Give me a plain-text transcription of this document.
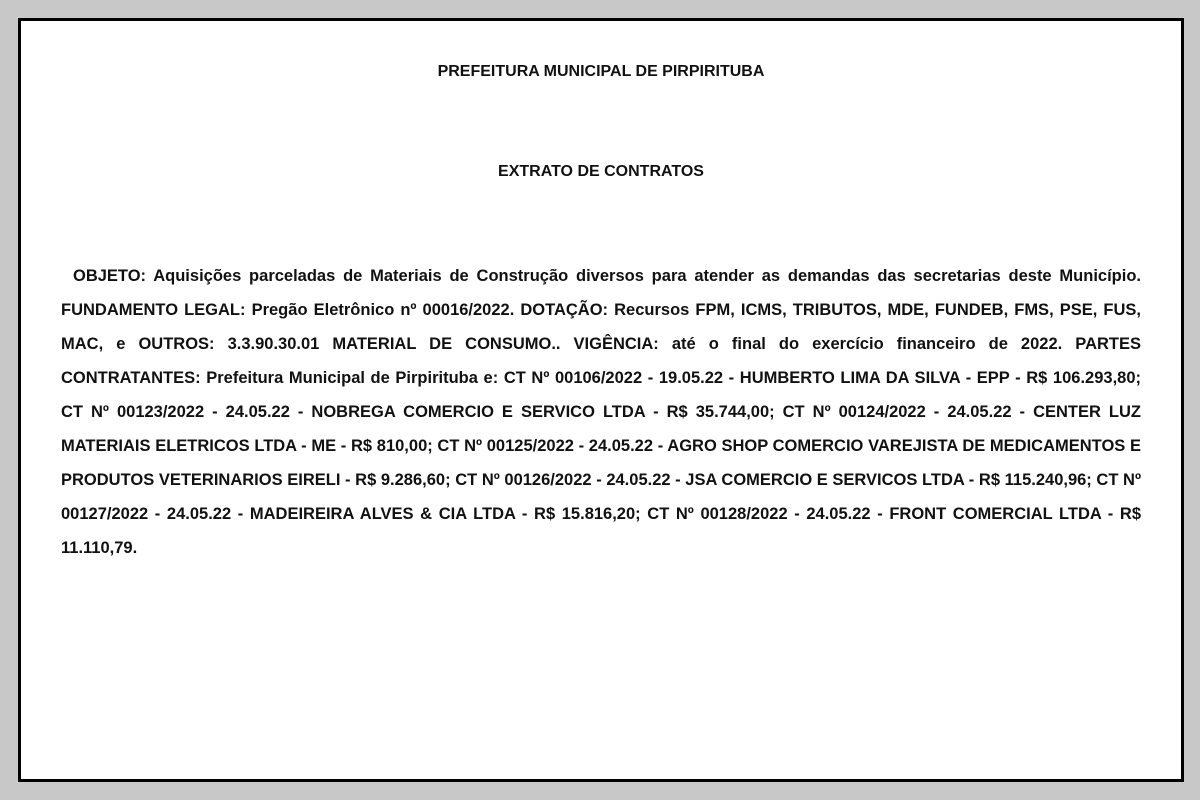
PREFEITURA MUNICIPAL DE PIRPIRITUBA
EXTRATO DE CONTRATOS

OBJETO: Aquisições parceladas de Materiais de Construção diversos para atender as demandas das secretarias deste Município. FUNDAMENTO LEGAL: Pregão Eletrônico nº 00016/2022. DOTAÇÃO: Recursos FPM, ICMS, TRIBUTOS, MDE, FUNDEB, FMS, PSE, FUS, MAC, e OUTROS: 3.3.90.30.01 MATERIAL DE CONSUMO.. VIGÊNCIA: até o final do exercício financeiro de 2022. PARTES CONTRATANTES: Prefeitura Municipal de Pirpirituba e: CT Nº 00106/2022 - 19.05.22 - HUMBERTO LIMA DA SILVA - EPP - R$ 106.293,80; CT Nº 00123/2022 - 24.05.22 - NOBREGA COMERCIO E SERVICO LTDA - R$ 35.744,00; CT Nº 00124/2022 - 24.05.22 - CENTER LUZ MATERIAIS ELETRICOS LTDA - ME - R$ 810,00; CT Nº 00125/2022 - 24.05.22 - AGRO SHOP COMERCIO VAREJISTA DE MEDICAMENTOS E PRODUTOS VETERINARIOS EIRELI - R$ 9.286,60; CT Nº 00126/2022 - 24.05.22 - JSA COMERCIO E SERVICOS LTDA - R$ 115.240,96; CT Nº 00127/2022 - 24.05.22 - MADEIREIRA ALVES & CIA LTDA - R$ 15.816,20; CT Nº 00128/2022 - 24.05.22 - FRONT COMERCIAL LTDA - R$ 11.110,79.
